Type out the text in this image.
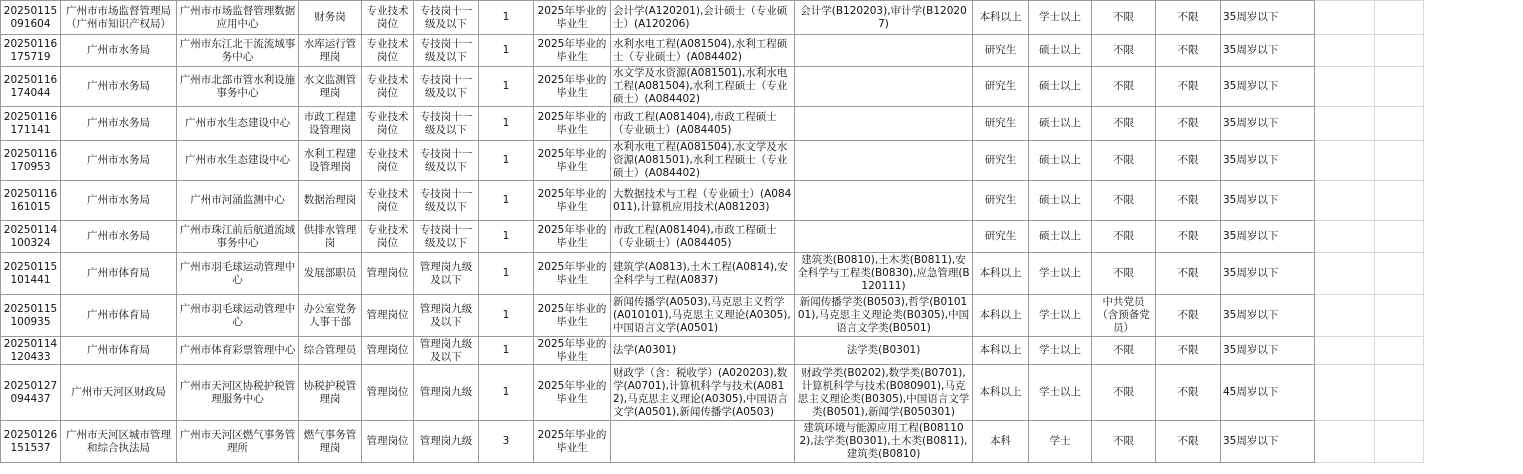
20250115091604	广州市市场监督管理局（广州市知识产权局）	广州市市场监督管理数据应用中心	财务岗	专业技术岗位	专技岗十一级及以下	1	2025年毕业的毕业生	会计学(A120201),会计硕士（专业硕士）(A120206)	会计学(B120203),审计学(B120207)	本科以上	学士以上	不限	不限	35周岁以下		
20250116175719	广州市水务局	广州市东江北干流流域事务中心	水库运行管理岗	专业技术岗位	专技岗十一级及以下	1	2025年毕业的毕业生	水利水电工程(A081504),水利工程硕士（专业硕士）(A084402)		研究生	硕士以上	不限	不限	35周岁以下		
20250116174044	广州市水务局	广州市北部市管水利设施事务中心	水文监测管理岗	专业技术岗位	专技岗十一级及以下	1	2025年毕业的毕业生	水文学及水资源(A081501),水利水电工程(A081504),水利工程硕士（专业硕士）(A084402)		研究生	硕士以上	不限	不限	35周岁以下		
20250116171141	广州市水务局	广州市水生态建设中心	市政工程建设管理岗	专业技术岗位	专技岗十一级及以下	1	2025年毕业的毕业生	市政工程(A081404),市政工程硕士（专业硕士）(A084405)		研究生	硕士以上	不限	不限	35周岁以下		
20250116170953	广州市水务局	广州市水生态建设中心	水利工程建设管理岗	专业技术岗位	专技岗十一级及以下	1	2025年毕业的毕业生	水利水电工程(A081504),水文学及水资源(A081501),水利工程硕士（专业硕士）(A084402)		研究生	硕士以上	不限	不限	35周岁以下		
20250116161015	广州市水务局	广州市河涌监测中心	数据治理岗	专业技术岗位	专技岗十一级及以下	1	2025年毕业的毕业生	大数据技术与工程（专业硕士）(A084011),计算机应用技术(A081203)		研究生	硕士以上	不限	不限	35周岁以下		
20250114100324	广州市水务局	广州市珠江前后航道流域事务中心	供排水管理岗	专业技术岗位	专技岗十一级及以下	1	2025年毕业的毕业生	市政工程(A081404),市政工程硕士（专业硕士）(A084405)		研究生	硕士以上	不限	不限	35周岁以下		
20250115101441	广州市体育局	广州市羽毛球运动管理中心	发展部职员	管理岗位	管理岗九级及以下	1	2025年毕业的毕业生	建筑学(A0813),土木工程(A0814),安全科学与工程(A0837)	建筑类(B0810),土木类(B0811),安全科学与工程类(B0830),应急管理(B120111)	本科以上	学士以上	不限	不限	35周岁以下		
20250115100935	广州市体育局	广州市羽毛球运动管理中心	办公室党务人事干部	管理岗位	管理岗九级及以下	1	2025年毕业的毕业生	新闻传播学(A0503),马克思主义哲学(A010101),马克思主义理论(A0305),中国语言文学(A0501)	新闻传播学类(B0503),哲学(B010101),马克思主义理论类(B0305),中国语言文学类(B0501)	本科以上	学士以上	中共党员（含预备党员）	不限	35周岁以下		
20250114120433	广州市体育局	广州市体育彩票管理中心	综合管理员	管理岗位	管理岗九级及以下	1	2025年毕业的毕业生	法学(A0301)	法学类(B0301)	本科以上	学士以上	不限	不限	35周岁以下		
20250127094437	广州市天河区财政局	广州市天河区协税护税管理服务中心	协税护税管理岗	管理岗位	管理岗九级	1	2025年毕业的毕业生	财政学（含：税收学）(A020203),数学(A0701),计算机科学与技术(A0812),马克思主义理论(A0305),中国语言文学(A0501),新闻传播学(A0503)	财政学类(B0202),数学类(B0701),计算机科学与技术(B080901),马克思主义理论类(B0305),中国语言文学类(B0501),新闻学(B050301)	本科以上	学士以上	不限	不限	45周岁以下		
20250126151537	广州市天河区城市管理和综合执法局	广州市天河区燃气事务管理所	燃气事务管理岗	管理岗位	管理岗九级	3	2025年毕业的毕业生		建筑环境与能源应用工程(B081102),法学类(B0301),土木类(B0811),建筑类(B0810)	本科	学士	不限	不限	35周岁以下		
